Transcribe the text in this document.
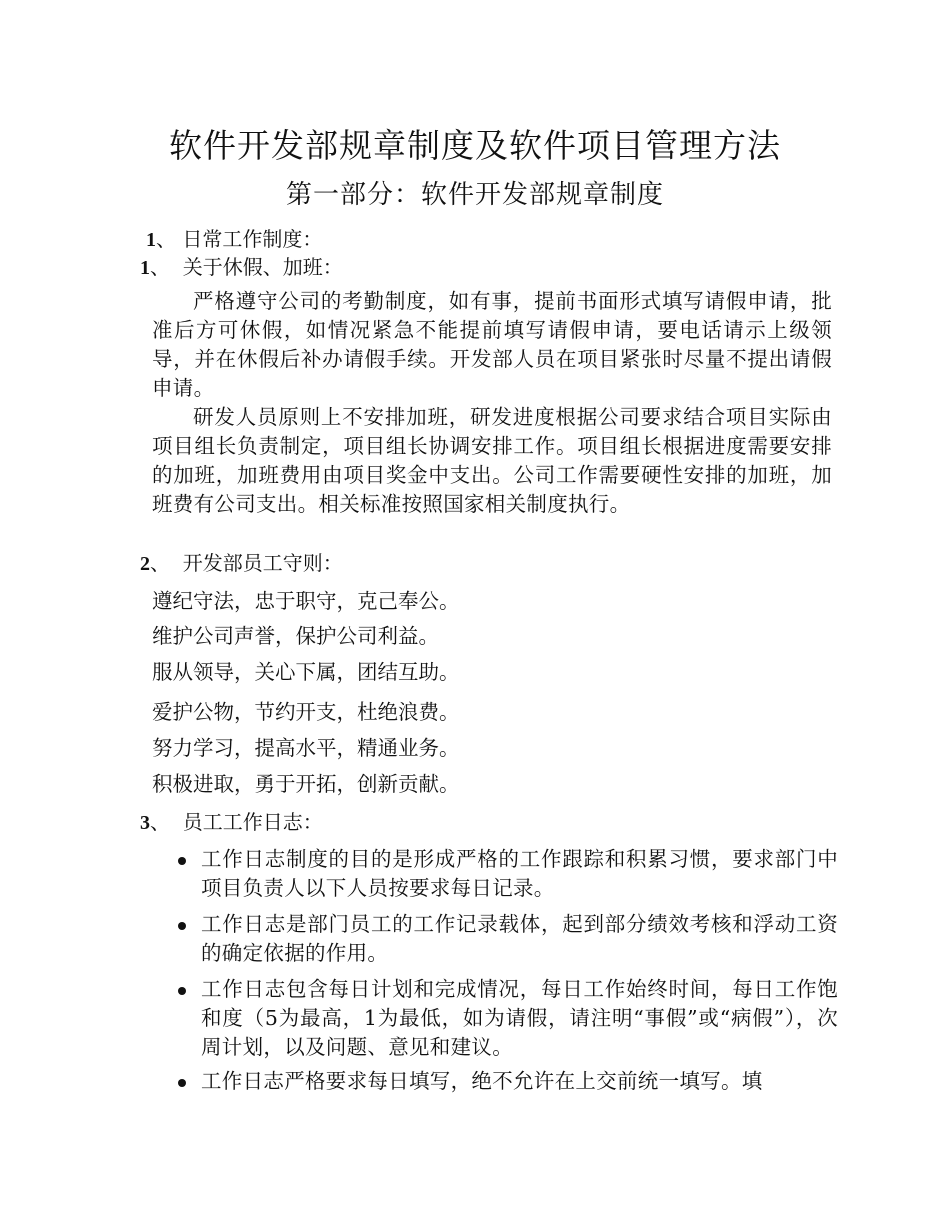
软件开发部规章制度及软件项目管理方法
第一部分：软件开发部规章制度
1、 日常工作制度：
1、 关于休假、加班：
严格遵守公司的考勤制度，如有事，提前书面形式填写请假申请，批准后方可休假，如情况紧急不能提前填写请假申请，要电话请示上级领导，并在休假后补办请假手续。开发部人员在项目紧张时尽量不提出请假申请。
研发人员原则上不安排加班，研发进度根据公司要求结合项目实际由项目组长负责制定，项目组长协调安排工作。项目组长根据进度需要安排的加班，加班费用由项目奖金中支出。公司工作需要硬性安排的加班，加班费有公司支出。相关标准按照国家相关制度执行。
2、 开发部员工守则：
遵纪守法，忠于职守，克己奉公。
维护公司声誉，保护公司利益。
服从领导，关心下属，团结互助。
爱护公物，节约开支，杜绝浪费。
努力学习，提高水平，精通业务。
积极进取，勇于开拓，创新贡献。
3、 员工工作日志：
工作日志制度的目的是形成严格的工作跟踪和积累习惯，要求部门中项目负责人以下人员按要求每日记录。
工作日志是部门员工的工作记录载体，起到部分绩效考核和浮动工资的确定依据的作用。
工作日志包含每日计划和完成情况，每日工作始终时间，每日工作饱和度（5为最高，1为最低，如为请假，请注明“事假”或“病假”），次周计划，以及问题、意见和建议。
工作日志严格要求每日填写，绝不允许在上交前统一填写。填
